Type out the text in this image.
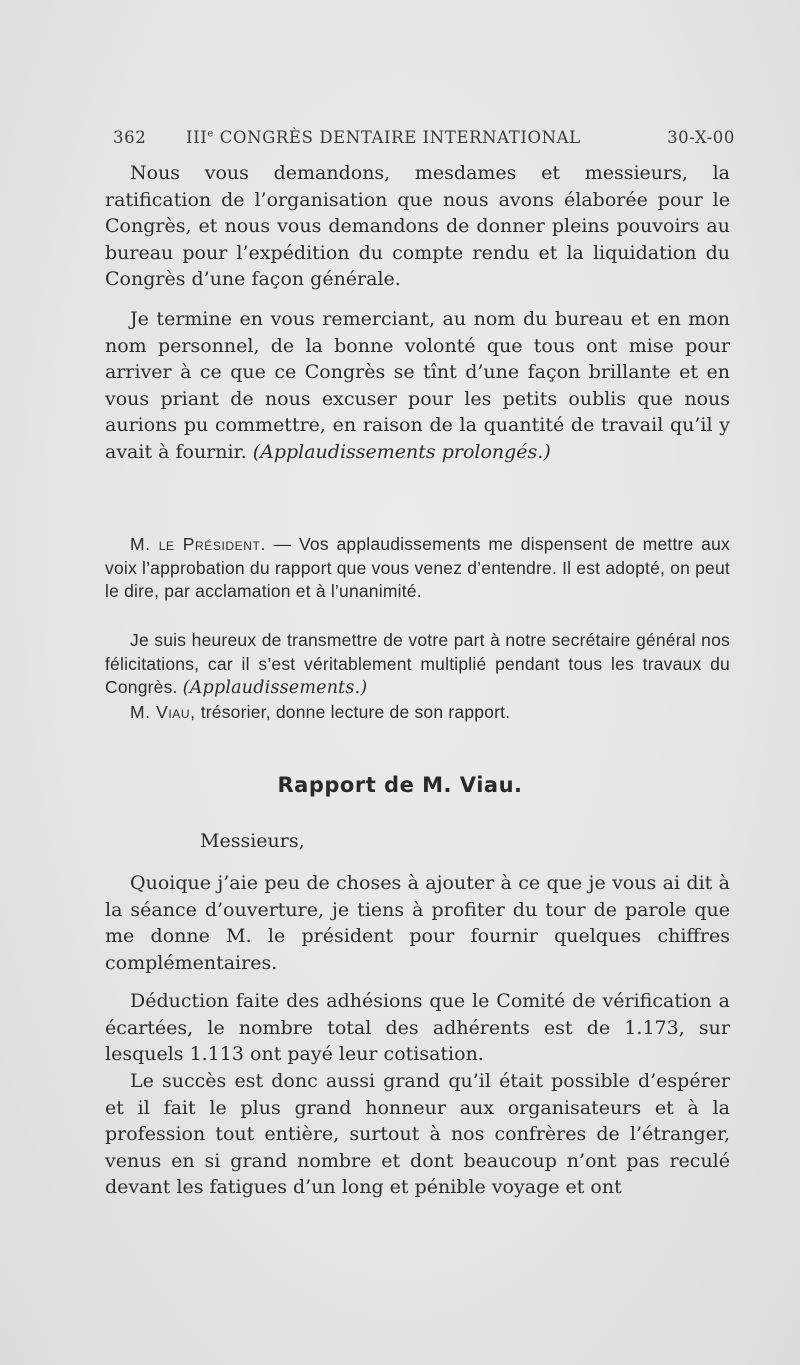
362 IIIe CONGRÈS DENTAIRE INTERNATIONAL	30-X-00

Nous vous demandons, mesdames et messieurs, la ratification de l’organisation que nous avons élaborée pour le Congrès, et nous vous demandons de donner pleins pouvoirs au bureau pour l’expédition du compte rendu et la liquidation du Congrès d’une façon générale.

Je termine en vous remerciant, au nom du bureau et en mon nom personnel, de la bonne volonté que tous ont mise pour arriver à ce que ce Congrès se tînt d’une façon brillante et en vous priant de nous excuser pour les petits oublis que nous aurions pu commettre, en raison de la quantité de travail qu’il y avait à fournir. (Applaudissements prolongés.)

M. le Président. — Vos applaudissements me dispensent de mettre aux voix l’approbation du rapport que vous venez d’entendre. Il est adopté, on peut le dire, par acclamation et à l’unanimité.

Je suis heureux de transmettre de votre part à notre secrétaire général nos félicitations, car il s’est véritablement multiplié pendant tous les travaux du Congrès. (Applaudissements.)

M. Viau, trésorier, donne lecture de son rapport.

Rapport de M. Viau.
Messieurs,

Quoique j’aie peu de choses à ajouter à ce que je vous ai dit à la séance d’ouverture, je tiens à profiter du tour de parole que me donne M. le président pour fournir quelques chiffres complémentaires.

Déduction faite des adhésions que le Comité de vérification a écartées, le nombre total des adhérents est de 1.173, sur lesquels 1.113 ont payé leur cotisation.

Le succès est donc aussi grand qu’il était possible d’espérer et il fait le plus grand honneur aux organisateurs et à la profession tout entière, surtout à nos confrères de l’étranger, venus en si grand nombre et dont beaucoup n’ont pas reculé devant les fatigues d’un long et pénible voyage et ont
